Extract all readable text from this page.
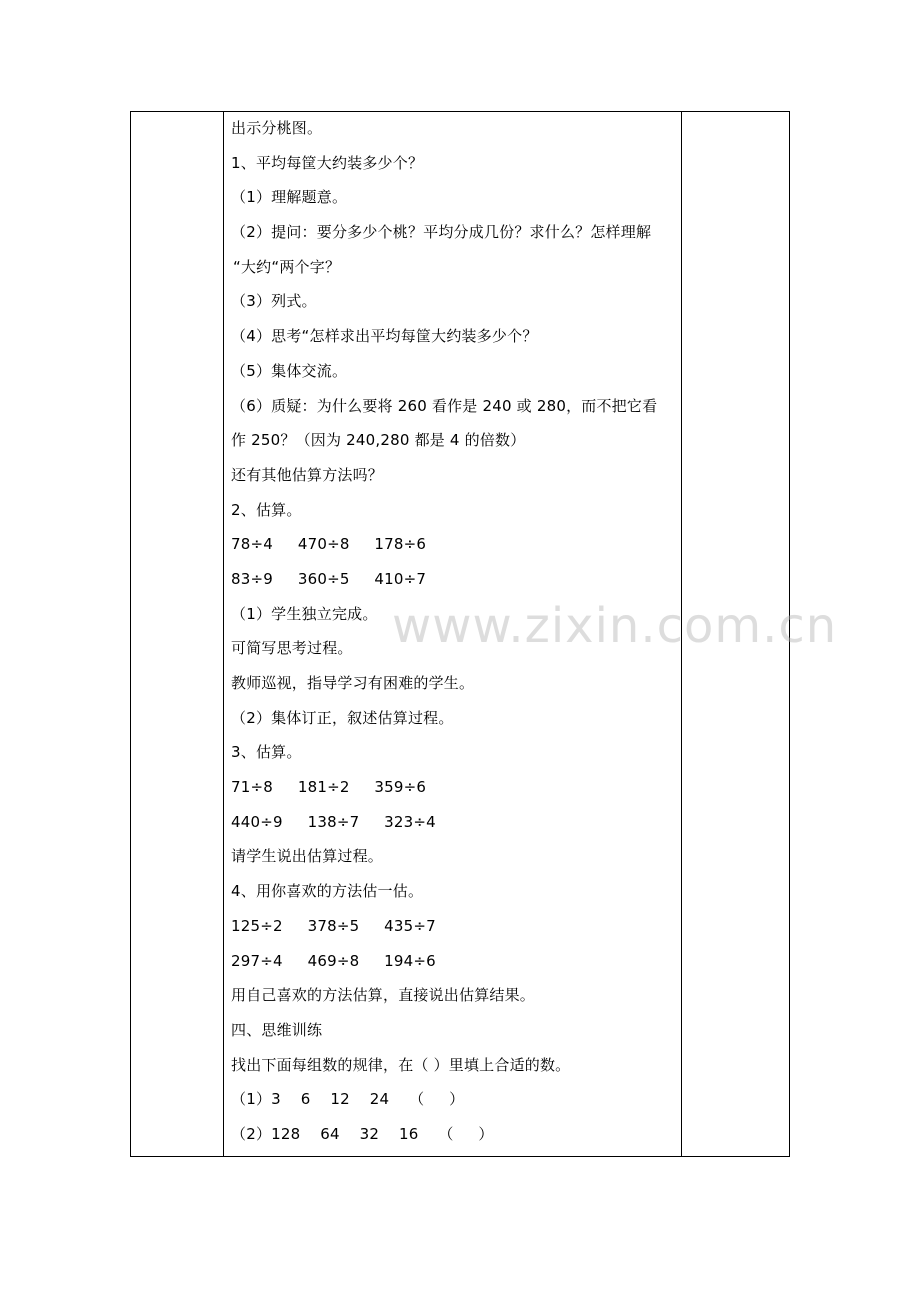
出示分桃图。
1、平均每筐大约装多少个？
（1）理解题意。
（2）提问：要分多少个桃？平均分成几份？求什么？怎样理解
“大约“两个字？
（3）列式。
（4）思考“怎样求出平均每筐大约装多少个？
（5）集体交流。
（6）质疑：为什么要将 260 看作是 240 或 280，而不把它看
作 250？（因为 240,280 都是 4 的倍数）
还有其他估算方法吗？
2、估算。
78÷4     470÷8     178÷6
83÷9     360÷5     410÷7
（1）学生独立完成。
可简写思考过程。
教师巡视，指导学习有困难的学生。
（2）集体订正，叙述估算过程。
3、估算。
71÷8     181÷2     359÷6
440÷9     138÷7     323÷4
请学生说出估算过程。
4、用你喜欢的方法估一估。
125÷2     378÷5     435÷7
297÷4     469÷8     194÷6
用自己喜欢的方法估算，直接说出估算结果。
四、思维训练
找出下面每组数的规律，在（ ）里填上合适的数。
（1）3    6    12    24    （     ）
（2）128    64    32    16    （     ）
www.zixin.com.cn
